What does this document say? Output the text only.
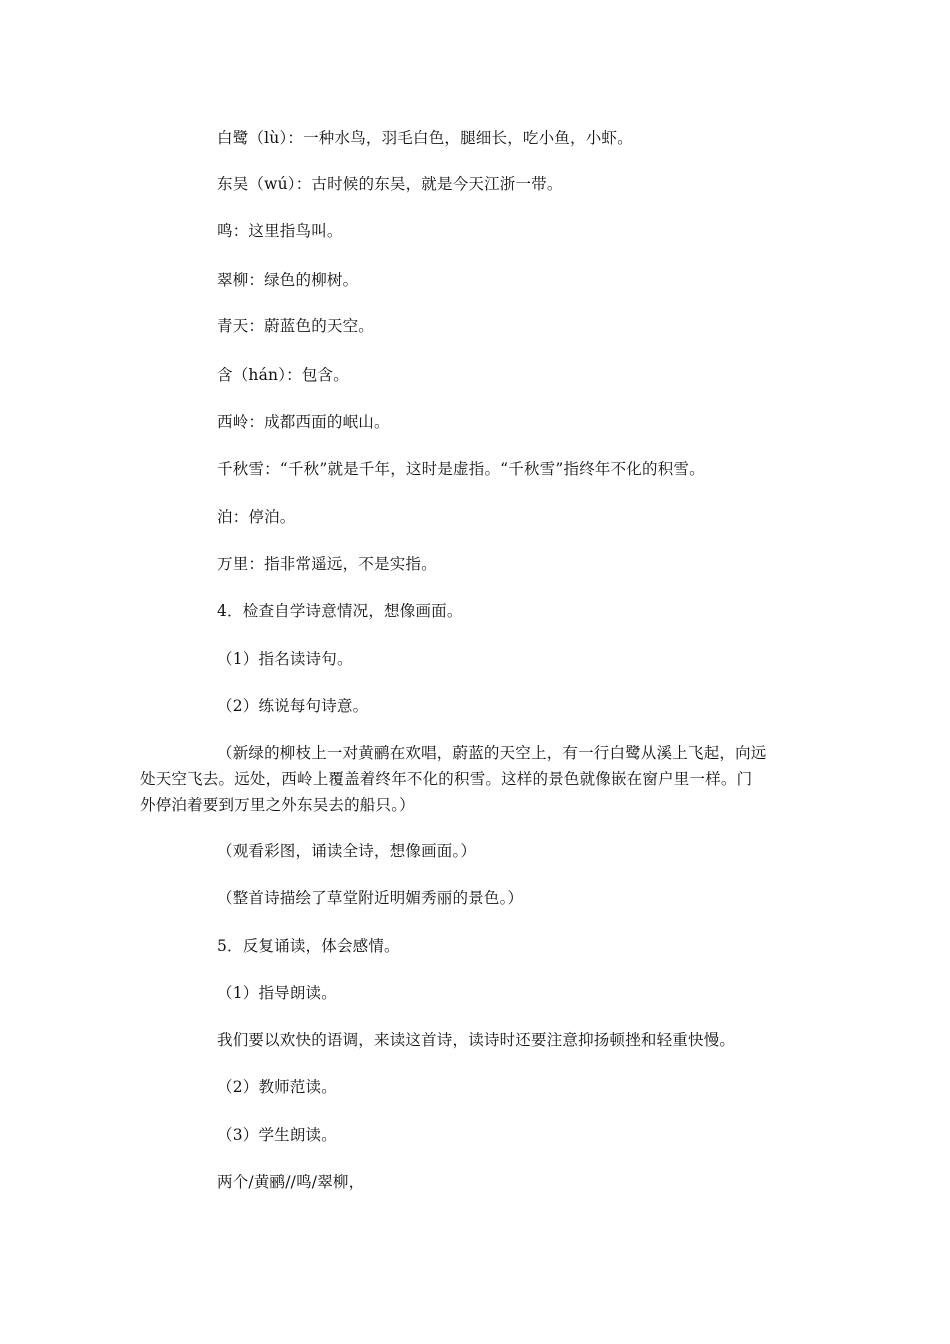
白鹭（lù）：一种水鸟，羽毛白色，腿细长，吃小鱼，小虾。
东吴（wú）：古时候的东吴，就是今天江浙一带。
鸣：这里指鸟叫。
翠柳：绿色的柳树。
青天：蔚蓝色的天空。
含（hán）：包含。
西岭：成都西面的岷山。
千秋雪：“千秋”就是千年，这时是虚指。“千秋雪”指终年不化的积雪。
泊：停泊。
万里：指非常遥远，不是实指。
4．检查自学诗意情况，想像画面。
（1）指名读诗句。
（2）练说每句诗意。
（新绿的柳枝上一对黄鹂在欢唱，蔚蓝的天空上，有一行白鹭从溪上飞起，向远
处天空飞去。远处，西岭上覆盖着终年不化的积雪。这样的景色就像嵌在窗户里一样。门
外停泊着要到万里之外东吴去的船只。）
（观看彩图，诵读全诗，想像画面。）
（整首诗描绘了草堂附近明媚秀丽的景色。）
5．反复诵读，体会感情。
（1）指导朗读。
我们要以欢快的语调，来读这首诗，读诗时还要注意抑扬顿挫和轻重快慢。
（2）教师范读。
（3）学生朗读。
两个/黄鹂//鸣/翠柳，
